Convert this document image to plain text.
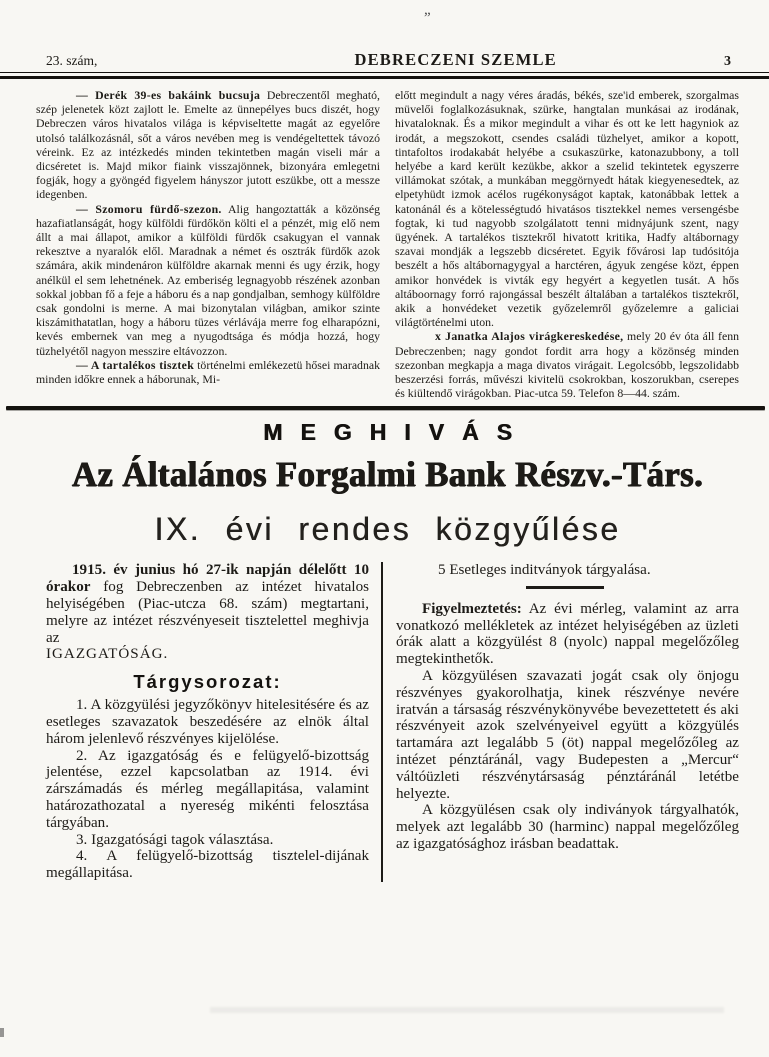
„
23. szám,	DEBRECZENI SZEMLE	3

— Derék 39-es bakáink bucsuja Debreczentől megható, szép jelenetek közt zajlott le. Emelte az ünnepélyes bucs diszét, hogy Debreczen város hivatalos világa is képviseltette magát az egyelőre utolsó találkozásnál, sőt a város nevében meg is vendégeltettek távozó véreink. Ez az intézkedés minden tekintetben magán viseli már a dicséretet is. Majd mikor fiaink visszajönnek, bizonyára emlegetni fogják, hogy a gyöngéd figyelem hányszor jutott eszükbe, ott a messze idegenben.

— Szomoru fürdő-szezon. Alig hangoztatták a közönség hazafiatlanságát, hogy külföldi fürdőkön költi el a pénzét, mig elő nem állt a mai állapot, amikor a külföldi fürdők csakugyan el vannak rekesztve a nyaralók elől. Maradnak a német és osztrák fürdők azok számára, akik mindenáron külföldre akarnak menni és ugy érzik, hogy anélkül el sem lehetnének. Az emberiség legnagyobb részének azonban sokkal jobban fő a feje a háboru és a nap gondjalban, semhogy külföldre csak gondolni is merne. A mai bizonytalan világban, amikor szinte kiszámithatatlan, hogy a háboru tüzes vérlávája merre fog elharapózni, kevés embernek van meg a nyugodtsága és módja hozzá, hogy tüzhelyétől nagyon messzire eltávozzon.

— A tartalékos tisztek történelmi emlékezetü hősei maradnak minden időkre ennek a háborunak, Mi-

előtt megindult a nagy véres áradás, békés, sze'id emberek, szorgalmas müvelői foglalkozásuknak, szürke, hangtalan munkásai az irodának, hivataloknak. És a mikor megindult a vihar és ott ke lett hagyniok az irodát, a megszokott, csendes családi tüzhelyet, amikor a kopott, tintafoltos irodakabát helyébe a csukaszürke, katonazubbony, a toll helyébe a kard került kezükbe, akkor a szelid tekintetek egyszerre villámokat szótak, a munkában meggörnyedt hátak kiegyenesedtek, az elpetyhüdt izmok acélos rugékonyságot kaptak, katonábbak lettek a katonánál és a kötelességtudó hivatásos tisztekkel nemes versengésbe fogtak, ki tud nagyobb szolgálatott tenni midnyájunk szent, nagy ügyének. A tartalékos tisztekről hivatott kritika, Hadfy altábornagy szavai mondják a legszebb dicséretet. Egyik fővárosi lap tudósitója beszélt a hős altábornagygyal a harctéren, ágyuk zengése közt, éppen amikor honvédek is vivták egy hegyért a kegyetlen tusát. A hős altáboornagy forró rajongással beszélt általában a tartalékos tisztekről, akik a honvédeket vezetik győzelemről győzelemre a galiciai világtörténelmi uton.

x Janatka Alajos virágkereskedése, mely 20 év óta áll fenn Debreczenben; nagy gondot fordit arra hogy a közönség minden szezonban megkapja a maga divatos virágait. Legolcsóbb, legszolidabb beszerzési forrás, művészi kivitelü csokrokban, koszorukban, cserepes és kiültendő virágokban. Piac-utca 59. Telefon 8—44. szám.

MEGHIVÁS
Az Általános Forgalmi Bank Részv.-Társ.
IX. évi rendes közgyűlése

1915. év junius hó 27-ik napján délelőtt 10 órakor fog Debreczenben az intézet hivatalos helyiségében (Piac-utcza 68. szám) megtartani, melyre az intézet részvényeseit tisztelettel meghivja az

IGAZGATÓSÁG.

Tárgysorozat:

1. A közgyülési jegyzőkönyv hitelesitésére és az esetleges szavazatok beszedésére az elnök által három jelenlevő részvényes kijelölése.

2. Az igazgatóság és e felügyelő-bizottság jelentése, ezzel kapcsolatban az 1914. évi zárszámadás és mérleg megállapitása, valamint határozathozatal a nyereség mikénti felosztása tárgyában.

3. Igazgatósági tagok választása.

4. A felügyelő-bizottság tisztelel-dijának megállapitása.

5 Esetleges inditványok tárgyalása.

Figyelmeztetés: Az évi mérleg, valamint az arra vonatkozó mellékletek az intézet helyiségében az üzleti órák alatt a közgyülést 8 (nyolc) nappal megelőzőleg megtekinthetők.

A közgyülésen szavazati jogát csak oly önjogu részvényes gyakorolhatja, kinek részvénye nevére iratván a társaság részvénykönyvébe bevezettetett és aki részvényeit azok szelvényeivel együtt a közgyülés tartamára azt legalább 5 (öt) nappal megelőzőleg az intézet pénztáránál, vagy Budepesten a „Mercur“ váltóüzleti részvénytársaság pénztáránál letétbe helyezte.

A közgyülésen csak oly indiványok tárgyalhatók, melyek azt legalább 30 (harminc) nappal megelőzőleg az igazgatósághoz irásban beadattak.
